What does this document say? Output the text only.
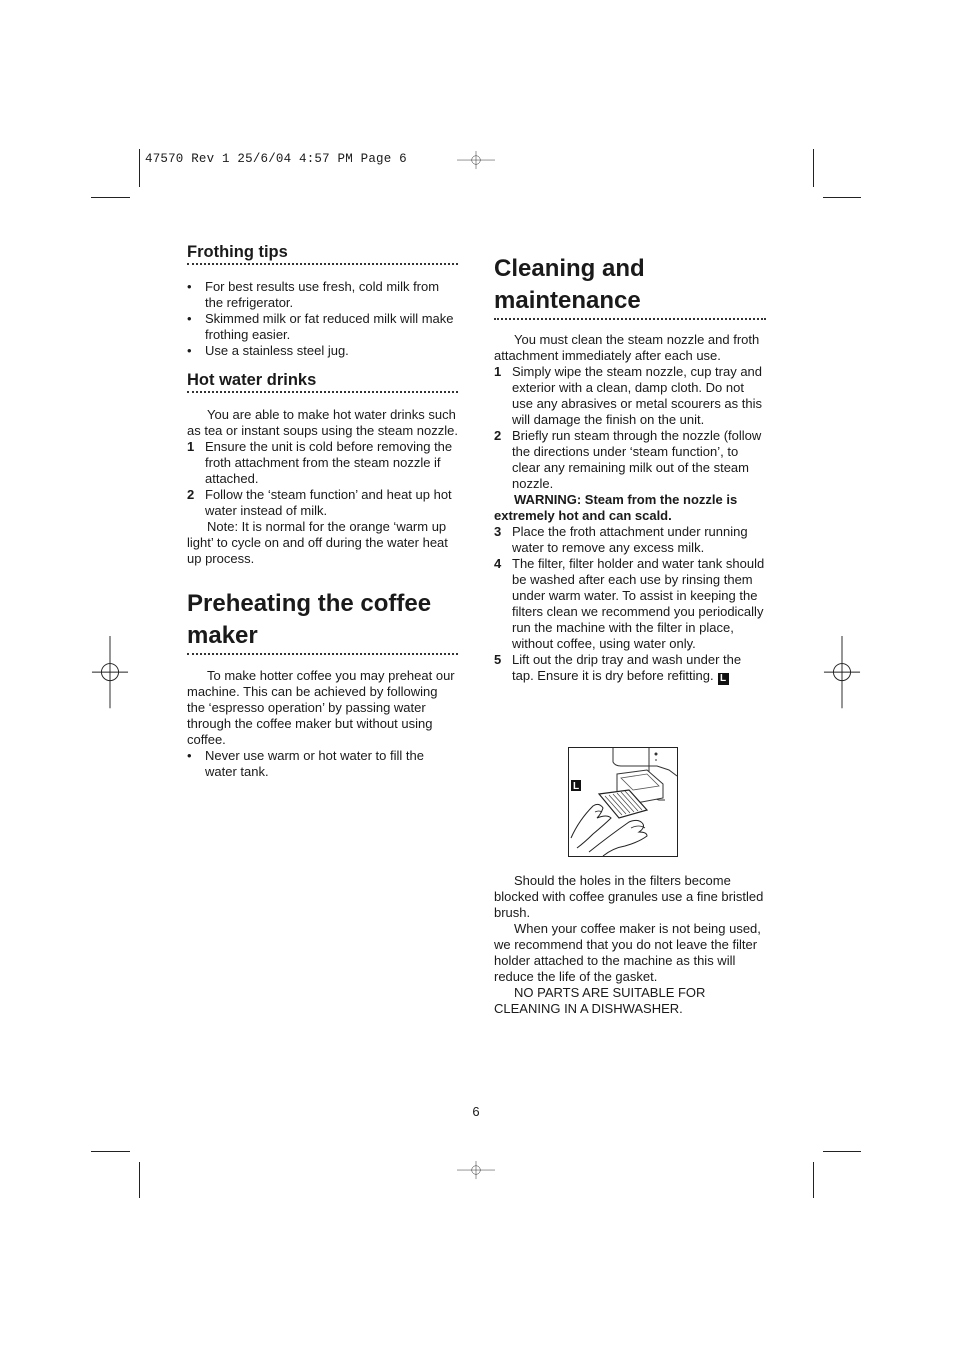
47570 Rev 1 25/6/04 4:57 PM Page 6
Frothing tips
• For best results use fresh, cold milk from the refrigerator.
• Skimmed milk or fat reduced milk will make frothing easier.
• Use a stainless steel jug.
Hot water drinks

You are able to make hot water drinks such as tea or instant soups using the steam nozzle.

1 Ensure the unit is cold before removing the froth attachment from the steam nozzle if attached.
2 Follow the ‘steam function’ and heat up hot water instead of milk.

Note: It is normal for the orange ‘warm up light’ to cycle on and off during the water heat up process.

Preheating the coffee maker

To make hotter coffee you may preheat our machine. This can be achieved by following the ‘espresso operation’ by passing water through the coffee maker but without using coffee.

• Never use warm or hot water to fill the water tank.
Cleaning and maintenance

You must clean the steam nozzle and froth attachment immediately after each use.

1 Simply wipe the steam nozzle, cup tray and exterior with a clean, damp cloth. Do not use any abrasives or metal scourers as this will damage the finish on the unit.
2 Briefly run steam through the nozzle (follow the directions under ‘steam function’, to clear any remaining milk out of the steam nozzle.

WARNING: Steam from the nozzle is extremely hot and can scald.

3 Place the froth attachment under running water to remove any excess milk.
4 The filter, filter holder and water tank should be washed after each use by rinsing them under warm water. To assist in keeping the filters clean we recommend you periodically run the machine with the filter in place, without coffee, using water only.
5 Lift out the drip tray and wash under the tap. Ensure it is dry before refitting. L
L

Should the holes in the filters become blocked with coffee granules use a fine bristled brush.

When your coffee maker is not being used, we recommend that you do not leave the filter holder attached to the machine as this will reduce the life of the gasket.

NO PARTS ARE SUITABLE FOR CLEANING IN A DISHWASHER.

6
